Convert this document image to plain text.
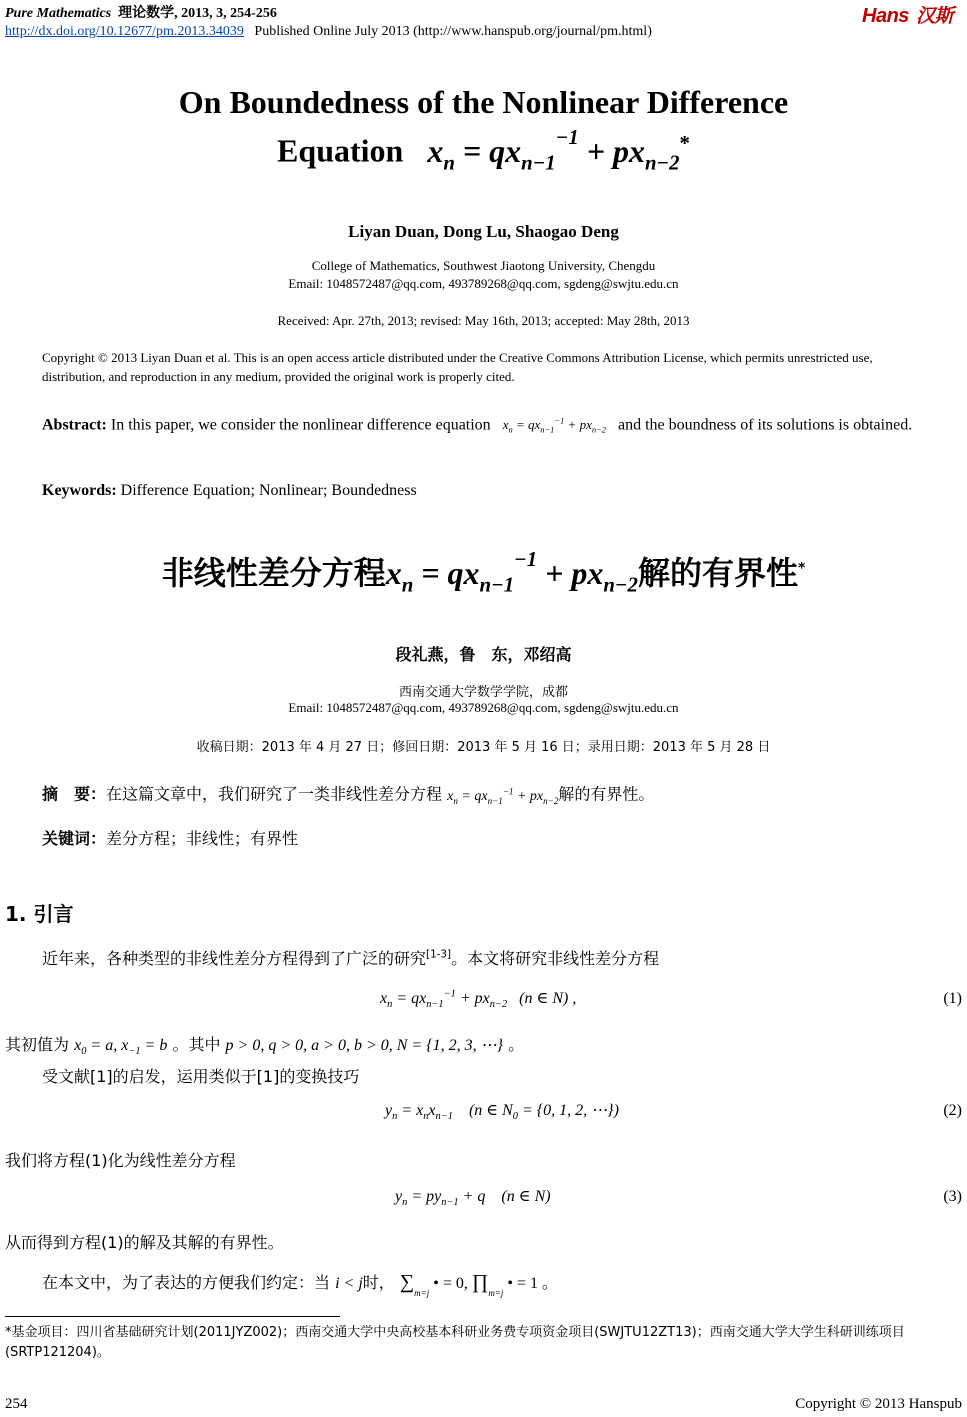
Pure Mathematics 理论数学, 2013, 3, 254-256
http://dx.doi.org/10.12677/pm.2013.34039 Published Online July 2013 (http://www.hanspub.org/journal/pm.html)
Hans 汉斯
On Boundedness of the Nonlinear Difference
Equation $x_n = qx_{n-1}^{-1} + px_{n-2}^*$
Liyan Duan, Dong Lu, Shaogao Deng
College of Mathematics, Southwest Jiaotong University, Chengdu
Email: 1048572487@qq.com, 493789268@qq.com, sgdeng@swjtu.edu.cn
Received: Apr. 27th, 2013; revised: May 16th, 2013; accepted: May 28th, 2013
Copyright © 2013 Liyan Duan et al. This is an open access article distributed under the Creative Commons Attribution License, which permits unrestricted use, distribution, and reproduction in any medium, provided the original work is properly cited.
Abstract: In this paper, we consider the nonlinear difference equation $x_n = qx_{n-1}^{-1} + px_{n-2}$ and the boundness of its solutions is obtained.
Keywords: Difference Equation; Nonlinear; Boundedness
非线性差分方程$x_n = qx_{n-1}^{-1} + px_{n-2}$解的有界性*
段礼燕，鲁　东，邓绍高
西南交通大学数学学院，成都
Email: 1048572487@qq.com, 493789268@qq.com, sgdeng@swjtu.edu.cn
收稿日期：2013 年 4 月 27 日；修回日期：2013 年 5 月 16 日；录用日期：2013 年 5 月 28 日
摘　要：在这篇文章中，我们研究了一类非线性差分方程 $x_n = qx_{n-1}^{-1} + px_{n-2}$解的有界性。
关键词：差分方程；非线性；有界性
1. 引言
近年来，各种类型的非线性差分方程得到了广泛的研究[1-3]。本文将研究非线性差分方程
$x_n = qx_{n-1}^{-1} + px_{n-2}$   (n ∈ N) ,	(1)
其初值为 $x_0 = a$, $x_{-1} = b$ 。其中 p > 0, q > 0, a > 0, b > 0, N = {1, 2, 3, ⋯} 。
受文献[1]的启发，运用类似于[1]的变换技巧
$y_n = x_nx_{n-1}$    (n ∈ $N_0 = \{0$, 1, 2, ⋯})	(2)
我们将方程(1)化为线性差分方程
$y_n = py_{n-1} + q$    (n ∈ N)	(3)
从而得到方程(1)的解及其解的有界性。
在本文中，为了表达的方便我们约定：当 i < j时， $\sum_{m=j}$ • = 0, $\prod_{m=j}$ • = 1 。
*基金项目：四川省基础研究计划(2011JYZ002)；西南交通大学中央高校基本科研业务费专项资金项目(SWJTU12ZT13)；西南交通大学大学生科研训练项目(SRTP121204)。
254	Copyright © 2013 Hanspub
